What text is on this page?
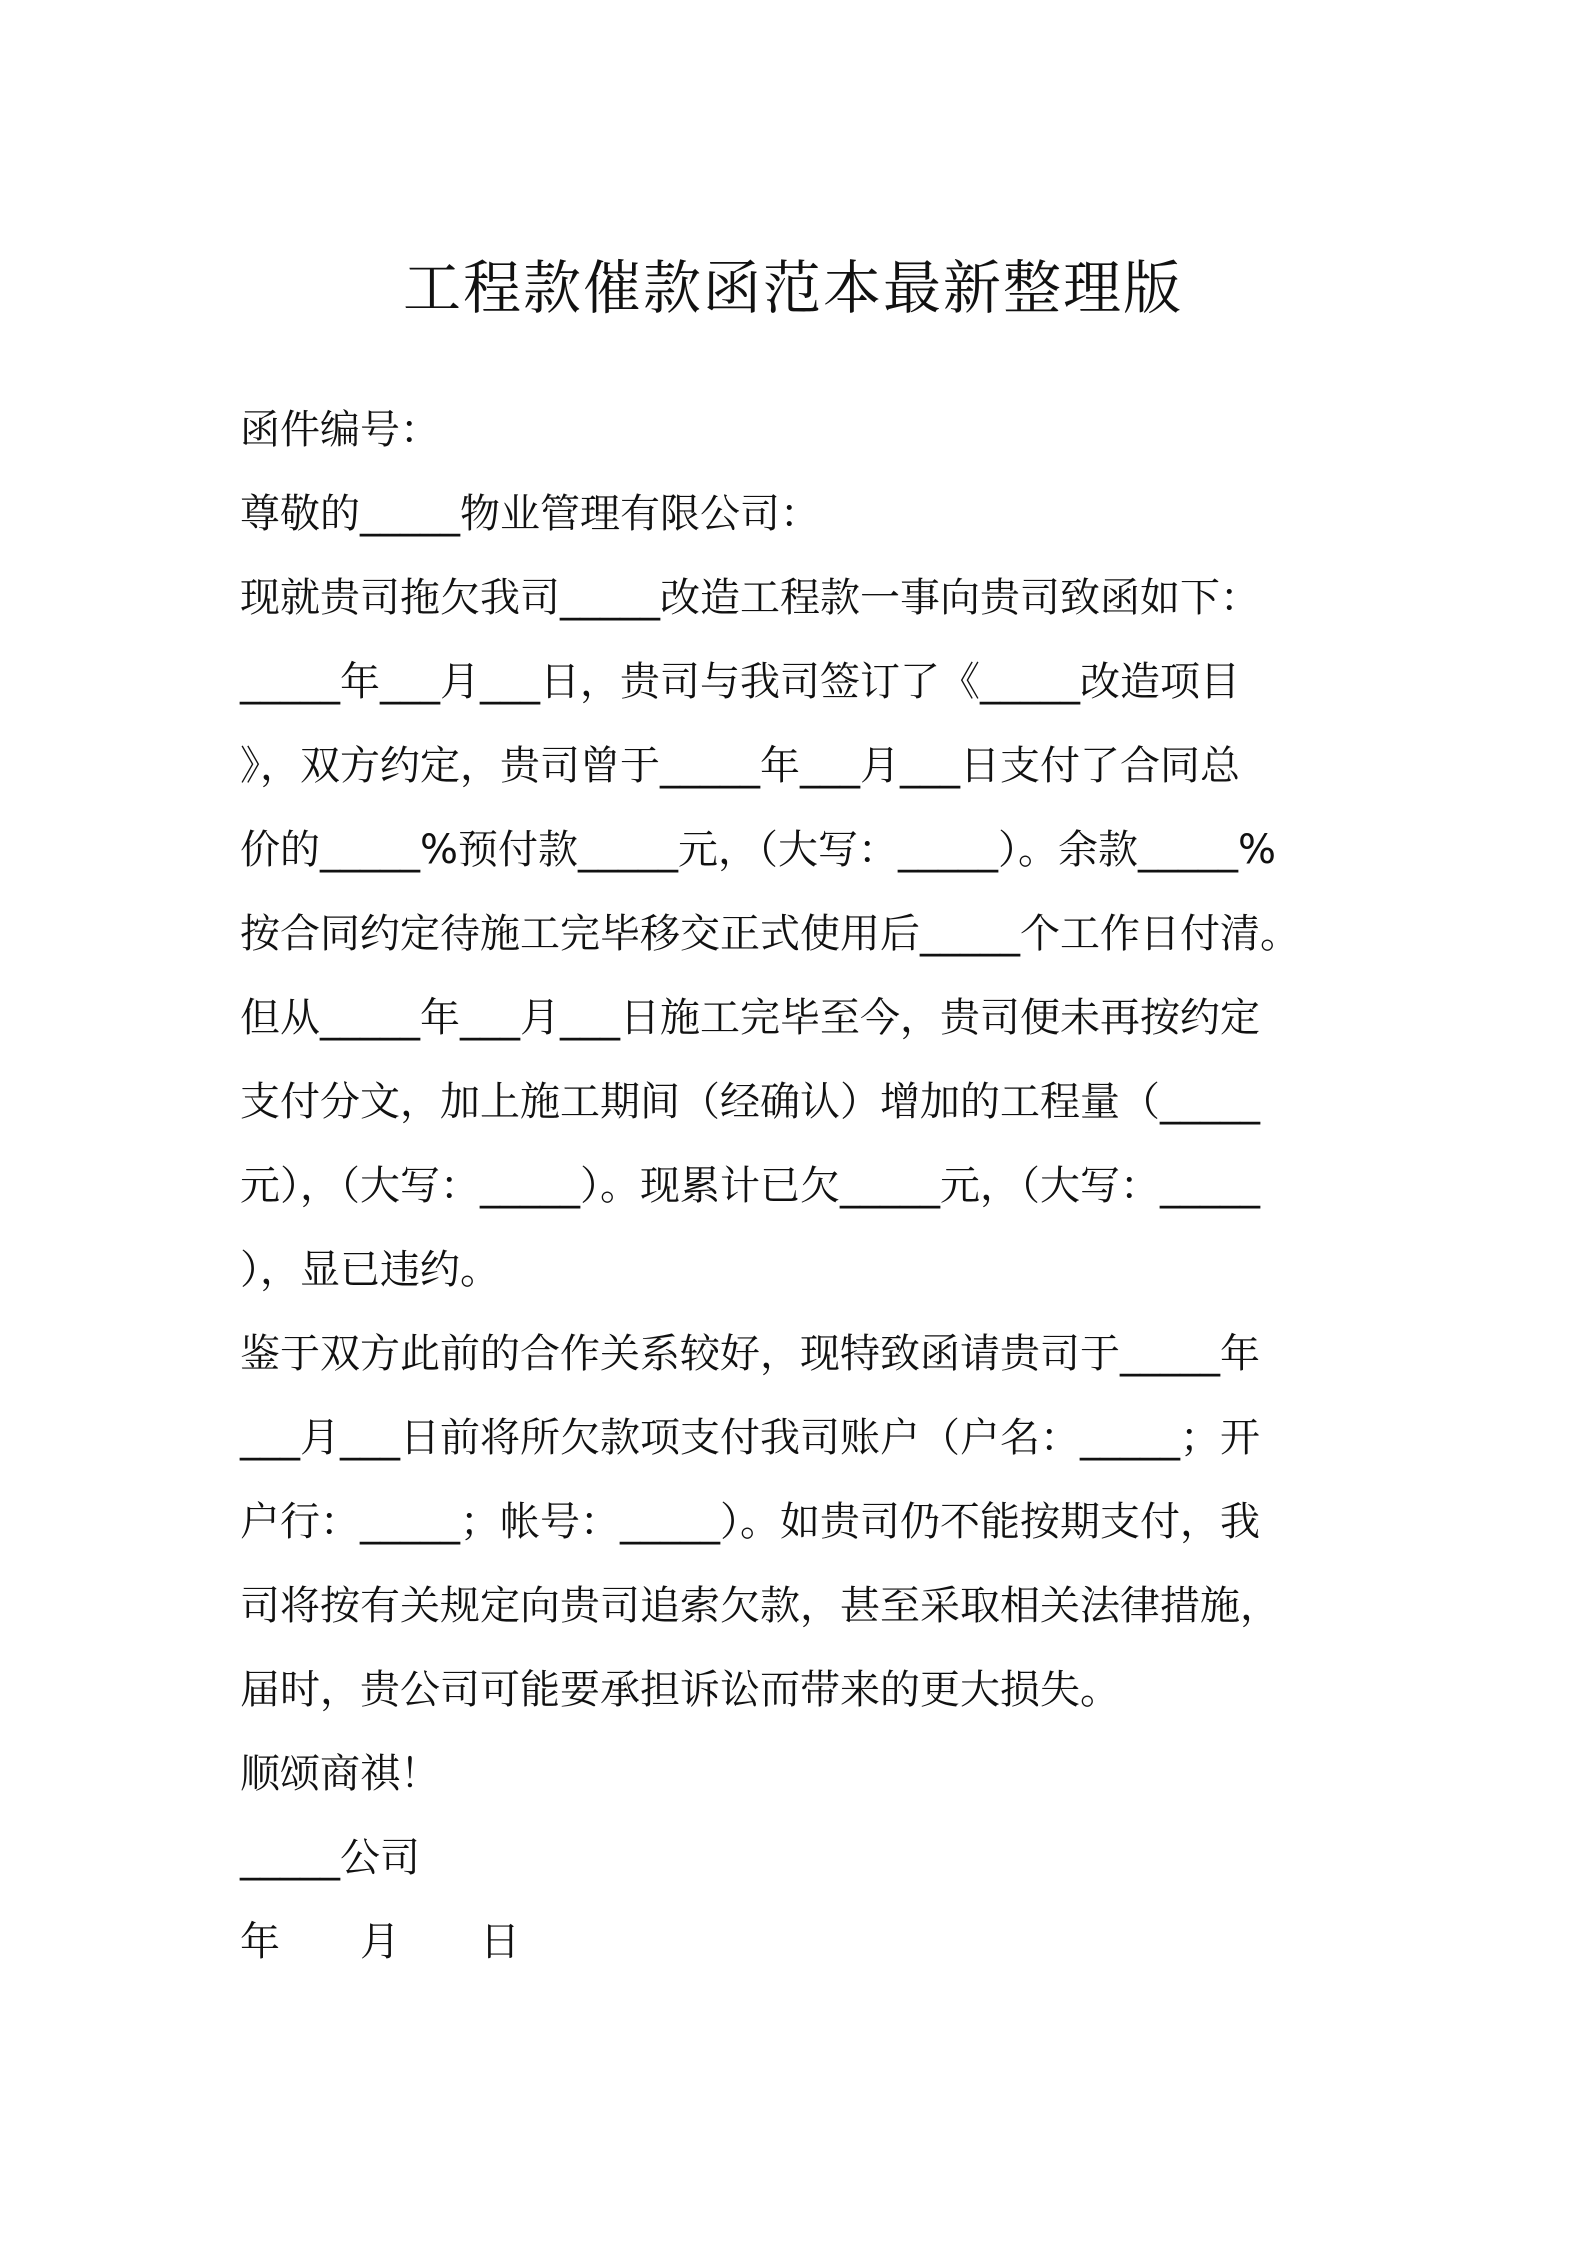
工程款催款函范本最新整理版
函件编号：
尊敬的_____物业管理有限公司：
现就贵司拖欠我司_____改造工程款一事向贵司致函如下：
_____年___月___日，贵司与我司签订了《_____改造项目
》，双方约定，贵司曾于_____年___月___日支付了合同总
价的_____%预付款_____元，（大写：_____）。余款_____%
按合同约定待施工完毕移交正式使用后_____个工作日付清。
但从_____年___月___日施工完毕至今，贵司便未再按约定
支付分文，加上施工期间（经确认）增加的工程量（_____
元），（大写：_____）。现累计已欠_____元，（大写：_____
），显已违约。
鉴于双方此前的合作关系较好，现特致函请贵司于_____年
___月___日前将所欠款项支付我司账户（户名：_____；开
户行：_____；帐号：_____）。如贵司仍不能按期支付，我
司将按有关规定向贵司追索欠款，甚至采取相关法律措施，
届时，贵公司可能要承担诉讼而带来的更大损失。
顺颂商祺！
_____公司
年　　月　　日
